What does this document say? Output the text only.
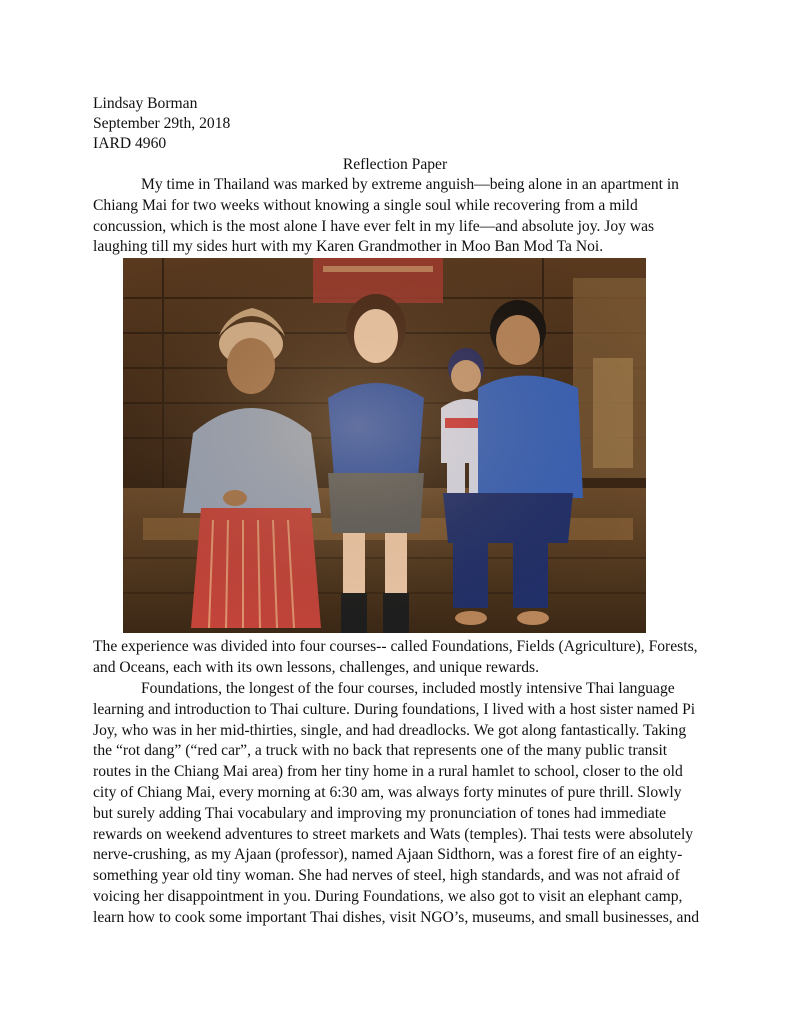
Lindsay Borman
September 29th, 2018
IARD 4960
Reflection Paper

My time in Thailand was marked by extreme anguish—being alone in an apartment in
Chiang Mai for two weeks without knowing a single soul while recovering from a mild
concussion, which is the most alone I have ever felt in my life—and absolute joy. Joy was
laughing till my sides hurt with my Karen Grandmother in Moo Ban Mod Ta Noi.

The experience was divided into four courses-- called Foundations, Fields (Agriculture), Forests,
and Oceans, each with its own lessons, challenges, and unique rewards.

Foundations, the longest of the four courses, included mostly intensive Thai language
learning and introduction to Thai culture. During foundations, I lived with a host sister named Pi
Joy, who was in her mid-thirties, single, and had dreadlocks. We got along fantastically. Taking
the “rot dang” (“red car”, a truck with no back that represents one of the many public transit
routes in the Chiang Mai area) from her tiny home in a rural hamlet to school, closer to the old
city of Chiang Mai, every morning at 6:30 am, was always forty minutes of pure thrill. Slowly
but surely adding Thai vocabulary and improving my pronunciation of tones had immediate
rewards on weekend adventures to street markets and Wats (temples). Thai tests were absolutely
nerve-crushing, as my Ajaan (professor), named Ajaan Sidthorn, was a forest fire of an eighty-
something year old tiny woman. She had nerves of steel, high standards, and was not afraid of
voicing her disappointment in you. During Foundations, we also got to visit an elephant camp,
learn how to cook some important Thai dishes, visit NGO’s, museums, and small businesses, and
